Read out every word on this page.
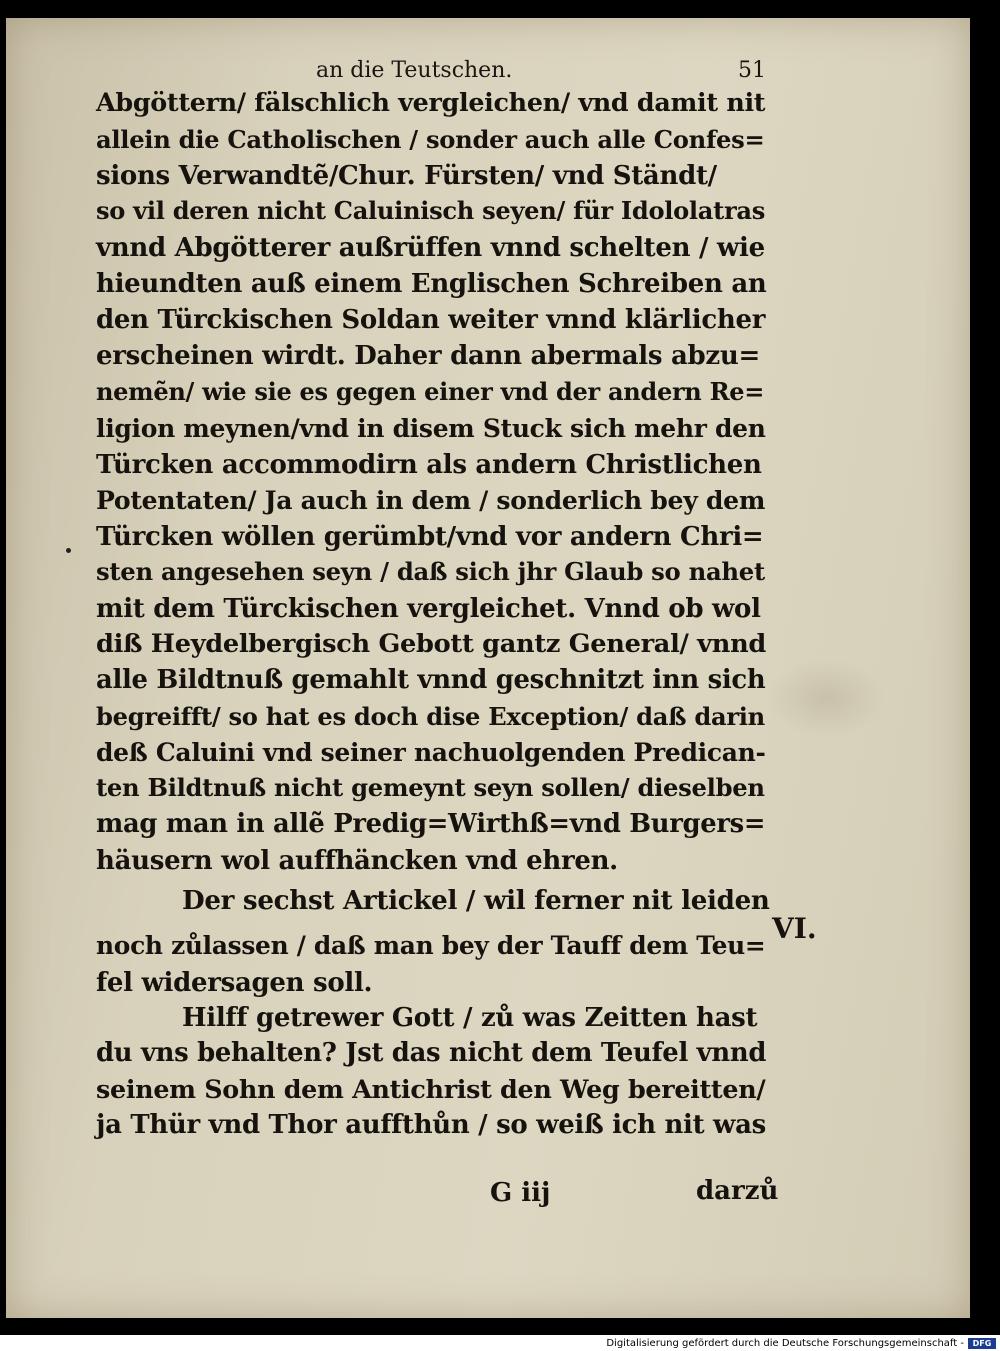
an die Teutschen.	51
Abgöttern/ fälschlich vergleichen/ vnd damit nit
allein die Catholischen / sonder auch alle Confes=
sions Verwandtẽ/Chur. Fürsten/ vnd Ständt/
so vil deren nicht Caluinisch seyen/ für Idololatras
vnnd Abgötterer außrüffen vnnd schelten / wie
hieundten auß einem Englischen Schreiben an
den Türckischen Soldan weiter vnnd klärlicher
erscheinen wirdt. Daher dann abermals abzu=
nemẽn/ wie sie es gegen einer vnd der andern Re=
ligion meynen/vnd in disem Stuck sich mehr den
Türcken accommodirn als andern Christlichen
Potentaten/ Ja auch in dem / sonderlich bey dem
Türcken wöllen gerümbt/vnd vor andern Chri=
sten angesehen seyn / daß sich jhr Glaub so nahet
mit dem Türckischen vergleichet. Vnnd ob wol
diß Heydelbergisch Gebott gantz General/ vnnd
alle Bildtnuß gemahlt vnnd geschnitzt inn sich
begreifft/ so hat es doch dise Exception/ daß darin
deß Caluini vnd seiner nachuolgenden Predican-
ten Bildtnuß nicht gemeynt seyn sollen/ dieselben
mag man in allẽ Predig=Wirthß=vnd Burgers=
häusern wol auffhäncken vnd ehren.
Der sechst Artickel / wil ferner nit leiden
noch zůlassen / daß man bey der Tauff dem Teu=
fel widersagen soll.
Hilff getrewer Gott / zů was Zeitten hast
du vns behalten? Jst das nicht dem Teufel vnnd
seinem Sohn dem Antichrist den Weg bereitten/
ja Thür vnd Thor auffthůn / so weiß ich nit was
VI.
G iij	darzů
Digitalisierung gefördert durch die Deutsche Forschungsgemeinschaft -	DFG
